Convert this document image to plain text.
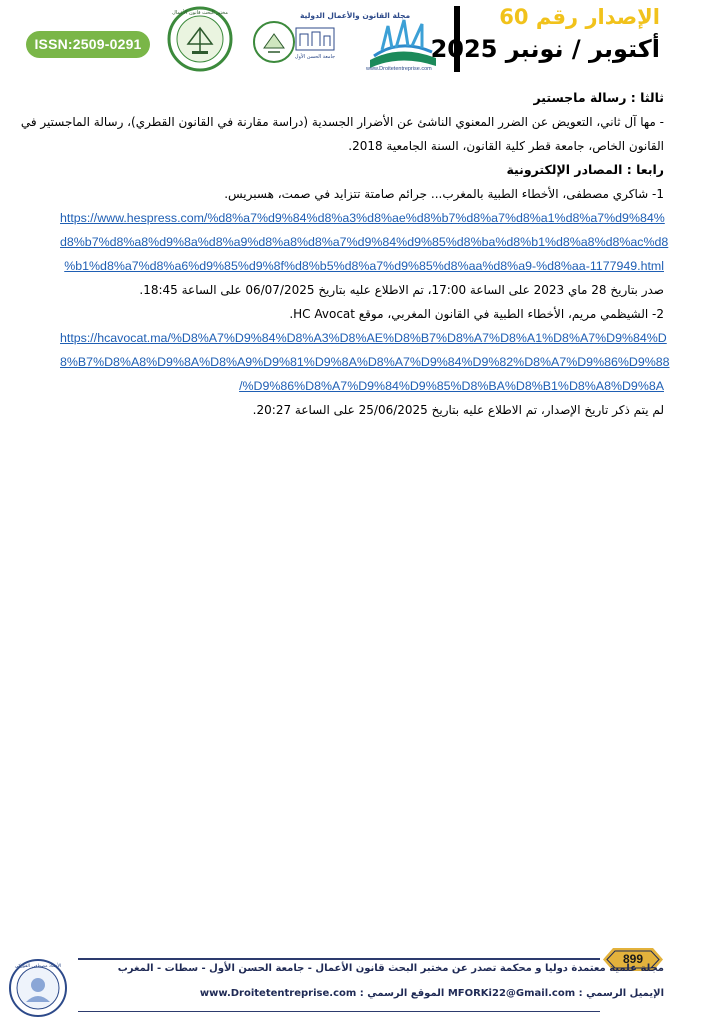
ISSN:2509-0291
مختبر البحث قانون الأعمال
جامعة الحسن الأول
مجلة القانون والأعمال الدولية
www.Droitetentreprise.com
الإصدار رقم 60
أكتوبر / نونبر 2025
ثالثا : رسالة ماجستير
- مها آل ثاني، التعويض عن الضرر المعنوي الناشئ عن الأضرار الجسدية (دراسة مقارنة في القانون القطري)، رسالة الماجستير في
القانون الخاص، جامعة قطر كلية القانون، السنة الجامعية 2018.
رابعا : المصادر الإلكترونية
1- شاكري مصطفى، الأخطاء الطبية بالمغرب... جرائم صامتة تتزايد في صمت، هسبريس.
https://www.hespress.com/%d8%a7%d9%84%d8%a3%d8%ae%d8%b7%d8%a7%d8%a1%d8%a7%d9%84%
d8%b7%d8%a8%d9%8a%d8%a9%d8%a8%d8%a7%d9%84%d9%85%d8%ba%d8%b1%d8%a8%d8%ac%d8
%b1%d8%a7%d8%a6%d9%85%d9%8f%d8%b5%d8%a7%d9%85%d8%aa%d8%a9-%d8%aa-1177949.html
صدر بتاريخ 28 ماي 2023 على الساعة 17:00، تم الاطلاع عليه بتاريخ 06/07/2025 على الساعة 18:45.
2- الشيظمي مريم، الأخطاء الطبية في القانون المغربي، موقع HC Avocat.
https://hcavocat.ma/%D8%A7%D9%84%D8%A3%D8%AE%D8%B7%D8%A7%D8%A1%D8%A7%D9%84%D
8%B7%D8%A8%D9%8A%D8%A9%D9%81%D9%8A%D8%A7%D9%84%D9%82%D8%A7%D9%86%D9%88
/%D9%86%D8%A7%D9%84%D9%85%D8%BA%D8%B1%D8%A8%D9%8A
لم يتم ذكر تاريخ الإصدار، تم الاطلاع عليه بتاريخ 25/06/2025 على الساعة 20:27.
899
مجلة علمية معتمدة دوليا و محكمة تصدر عن مختبر البحث قانون الأعمال - جامعة الحسن الأول - سطات - المغرب
الإيميل الرسمي : MFORKi22@Gmail.com الموقع الرسمي : www.Droitetentreprise.com
الأستاذ مصطفى الفوركي
